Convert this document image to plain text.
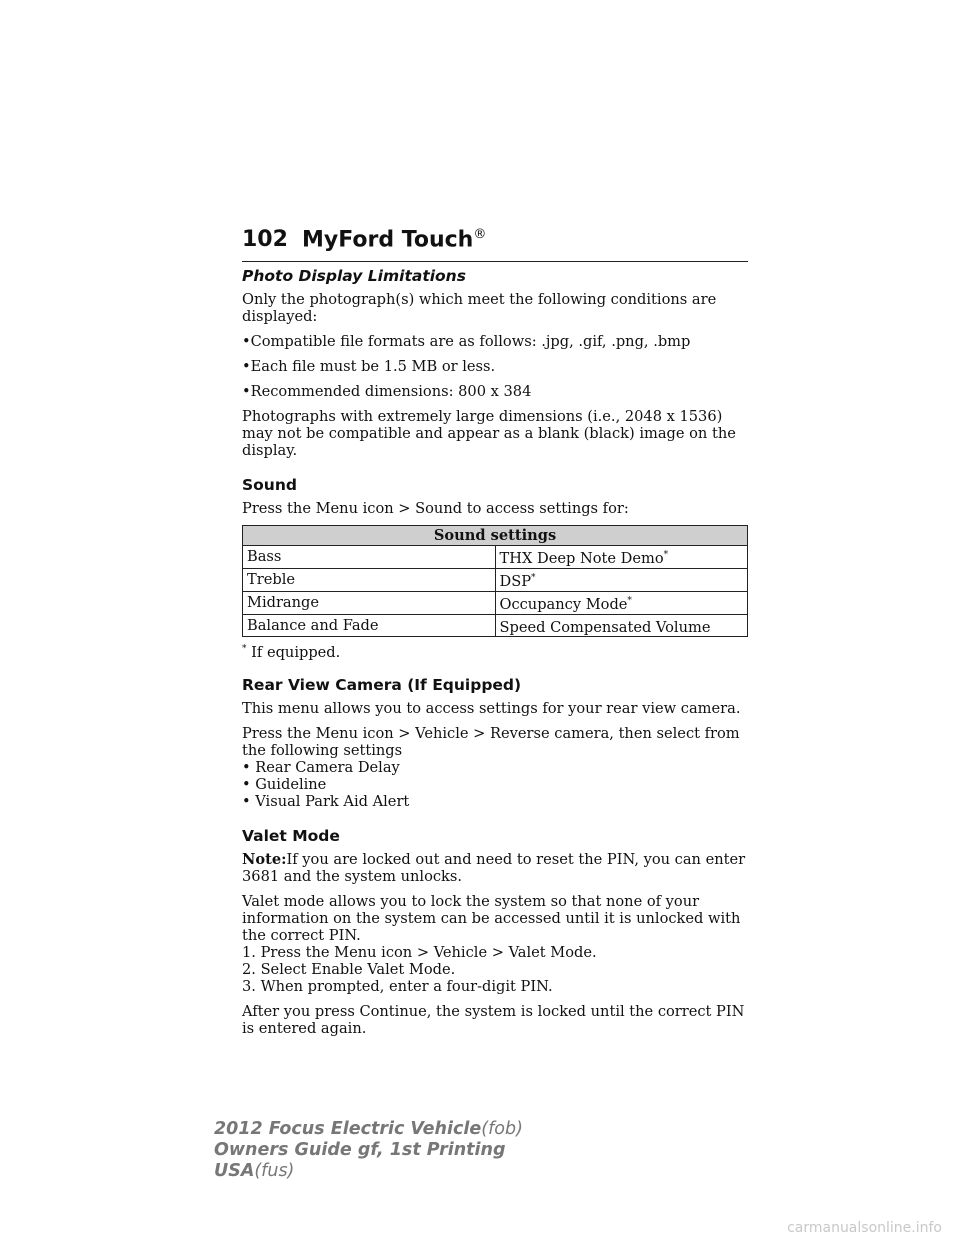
102 MyFord Touch®
Photo Display Limitations

Only the photograph(s) which meet the following conditions are displayed:

•Compatible file formats are as follows: .jpg, .gif, .png, .bmp

•Each file must be 1.5 MB or less.

•Recommended dimensions: 800 x 384

Photographs with extremely large dimensions (i.e., 2048 x 1536) may not be compatible and appear as a blank (black) image on the display.

Sound

Press the Menu icon > Sound to access settings for:

Sound settings	
Bass	THX Deep Note Demo*
Treble	DSP*
Midrange	Occupancy Mode*
Balance and Fade	Speed Compensated Volume

* If equipped.

Rear View Camera (If Equipped)

This menu allows you to access settings for your rear view camera.

Press the Menu icon > Vehicle > Reverse camera, then select from the following settings

• Rear Camera Delay

• Guideline

• Visual Park Aid Alert

Valet Mode

Note:If you are locked out and need to reset the PIN, you can enter 3681 and the system unlocks.

Valet mode allows you to lock the system so that none of your information on the system can be accessed until it is unlocked with the correct PIN.

1. Press the Menu icon > Vehicle > Valet Mode.

2. Select Enable Valet Mode.

3. When prompted, enter a four-digit PIN.

After you press Continue, the system is locked until the correct PIN is entered again.

2012 Focus Electric Vehicle(fob)
Owners Guide gf, 1st Printing
USA(fus)
carmanualsonline.info
